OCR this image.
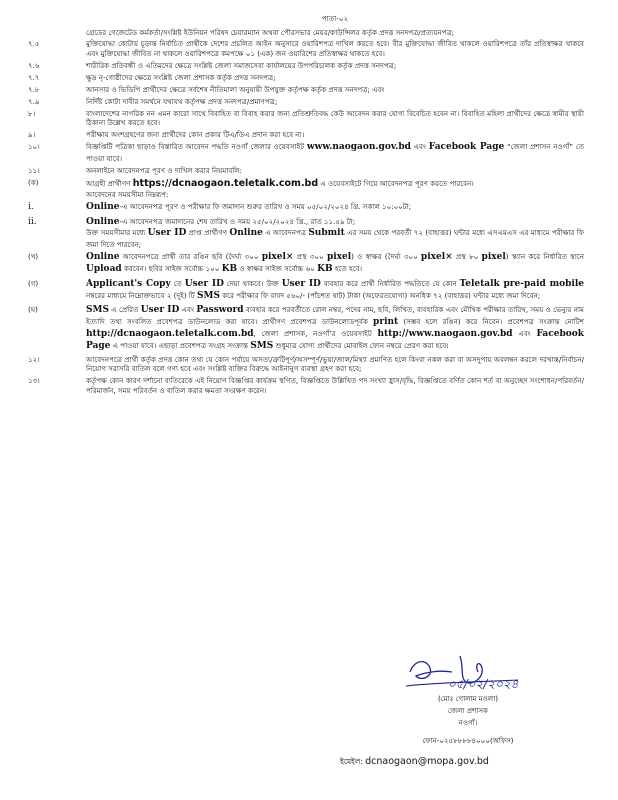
পাতা-০২
গ্রেডের গেজেটেড কর্মকর্তা/সংশ্লিষ্ট ইউনিয়ন পরিষদ চেয়ারম্যান অথবা পৌরসভার মেয়র/কাউন্সিলর কর্তৃক প্রদত্ত সনদপত্র/প্রত্যয়নপত্র;
৭.৫	মুক্তিযোদ্ধা কোটায় চূড়ান্ত নির্বাচিত প্রার্থীকে দেশের প্রচলিত আইন অনুসারে ওয়ারিশপত্র দাখিল করতে হবে। বীর মুক্তিযোদ্ধা জীবিত থাকলে ওয়ারিশপত্রে তাঁর প্রতিস্বাক্ষর থাকবে এবং মুক্তিযোদ্ধা জীবিত না থাকলে ওয়ারিশপত্রে কমপক্ষে ০১ (এক) জন ওয়ারিশের প্রতিস্বাক্ষর থাকতে হবে।
৭.৬	শারীরিক প্রতিবন্ধী ও এতিমদের ক্ষেত্রে সংশ্লিষ্ট জেলা সমাজসেবা কার্যালয়ের উপপরিচালক কর্তৃক প্রদত্ত সনদপত্র;
৭.৭	ক্ষুদ্র নৃ-গোষ্ঠীদের ক্ষেত্রে সংশ্লিষ্ট জেলা প্রশাসক কর্তৃক প্রদত্ত সনদপত্র;
৭.৮	আনসার ও ভিডিপি প্রার্থীদের ক্ষেত্রে সর্বশেষ নীতিমালা অনুযায়ী উপযুক্ত কর্তৃপক্ষ কর্তৃক প্রদত্ত সনদপত্র; এবং
৭.৯	নির্দিষ্ট কোটা দাবীর সমর্থনে যথাযথ কর্তৃপক্ষ প্রদত্ত সনদপত্র/প্রমাণপত্র;
৮।	বাংলাদেশের নাগরিক নন এমন কারো সাথে বিবাহিত বা বিবাহ করার জন্য প্রতিশ্রুতিবদ্ধ কেউ আবেদন করার যোগ্য বিবেচিত হবেন না। বিবাহিত মহিলা প্রার্থীদের ক্ষেত্রে স্বামীর স্থায়ী ঠিকানা উল্লেখ করতে হবে।
৯।	পরীক্ষায় অংশগ্রহণের জন্য প্রার্থীদের কোন প্রকার টিএ/ডিএ প্রদান করা হবে না।
১০।	বিজ্ঞপ্তিটি পত্রিকা ছাড়াও বিস্তারিত আবেদন পদ্ধতি নওগাঁ জেলার ওয়েবসাইট www.naogaon.gov.bd এবং Facebook Page “জেলা প্রশাসন নওগাঁ” তে পাওয়া যাবে।
১১।	অনলাইনে আবেদনপত্র পূরণ ও দাখিল করার নিয়মাবলি:
(ক)	আগ্রহী প্রার্থীগণ https://dcnaogaon.teletalk.com.bd এ ওয়েবসাইটে গিয়ে আবেদনপত্র পূরণ করতে পারবেন।
আবেদনের সময়সীমা নিম্নরূপ:
i.	Online-এ আবেদনপত্র পূরণ ও পরীক্ষার ফি জমাদান শুরুর তারিখ ও সময় ০৫/০২/২০২৪ খ্রি. সকাল ১০:০০টা;
ii.	Online-এ আবেদনপত্র জমাদানের শেষ তারিখ ও সময় ২৫/০২/২০২৪ খ্রি., রাত ১১.৫৯ টা;
উক্ত সময়সীমার মধ্যে User ID প্রাপ্ত প্রার্থীগণ Online এ আবেদনপত্র Submit এর সময় থেকে পরবর্তী ৭২ (বাহাত্তর) ঘন্টার মধ্যে এসএমএস এর মাধ্যমে পরীক্ষার ফি জমা দিতে পারবেন;
(খ)	Online আবেদনপত্রে প্রার্থী তার রঙিন ছবি (দৈর্ঘ্য ৩০০ pixel× প্রস্থ ৩০০ pixel) ও স্বাক্ষর (দৈর্ঘ্য ৩০০ pixel× প্রস্থ ৮০ pixel) স্ক্যান করে নির্ধারিত স্থানে Upload করবেন। ছবির সাইজ সর্বোচ্চ ১০০ KB ও স্বাক্ষর সাইজ সর্বোচ্চ ৬০ KB হতে হবে।
(গ)	Applicant's Copy তে User ID দেয়া থাকবে। উক্ত User ID ব্যবহার করে প্রার্থী নির্ধারিত পদ্ধতিতে যে কোন Teletalk pre-paid mobile নম্বরের মাধ্যমে নিম্নোক্তভাবে ২ (দুই) টি SMS করে পরীক্ষার ফি বাবদ ৫৬০/- (পাঁচশত ষাট) টাকা (অফেরতযোগ্য) অনধিক ৭২ (বাহাত্তর) ঘন্টার মধ্যে জমা দিবেন;
(ঘ)	SMS এ প্রেরিত User ID এবং Password ব্যবহার করে পরবর্তীতে রোল নম্বর, পদের নাম, ছবি, লিখিত, ব্যবহারিক এবং মৌখিক পরীক্ষার তারিখ, সময় ও ভেন্যুর নাম ইত্যাদি তথ্য সংবলিত প্রবেশপত্র ডাউনলোড করা যাবে। প্রার্থীগণ প্রবেশপত্র ডাউনলোডপূর্বক print (সম্ভব হলে রঙিন) করে নিবেন। প্রবেশপত্র সংক্রান্ত নোটিশ http://dcnaogaon.teletalk.com.bd, জেলা প্রশাসক, নওগাঁ’র ওয়েবসাইট http://www.naogaon.gov.bd এবং Facebook Page এ পাওয়া যাবে। এছাড়া প্রবেশপত্র সংগ্রহ সংক্রান্ত SMS শুধুমাত্র যোগ্য প্রার্থীদের মোবাইল ফোন নম্বরে প্রেরণ করা হবে।
১২।	আবেদনপত্রে প্রার্থী কর্তৃক প্রদত্ত কোন তথ্য যে কোন পর্যায়ে অসত্য/ত্রুটিপূর্ণ/অসম্পূর্ণ/ভুয়া/জাল/মিথ্যা প্রমাণিত হলে কিংবা নকল করা বা অসদুপায় অবলম্বন করলে দরখাস্ত/নির্বাচন/নিয়োগ সরাসরি বাতিল বলে গণ্য হবে এবং সংশ্লিষ্ট ব্যক্তির বিরুদ্ধে আইনানুগ ব্যবস্থা গ্রহণ করা হবে;
১৩।	কর্তৃপক্ষ কোন কারণ দর্শানো ব্যতিরেকে এই নিয়োগ বিজ্ঞপ্তির কার্যক্রম স্থগিত, বিজ্ঞপ্তিতে উল্লিখিত পদ সংখ্যা হ্রাস/বৃদ্ধি, বিজ্ঞপ্তিতে বর্ণিত কোন শর্ত বা অনুচ্ছেদ সংশোধন/পরিবর্তন/পরিমার্জন, সময় পরিবর্তন ও বাতিল করার ক্ষমতা সংরক্ষণ করেন।
০৫/০২/২০২৪
(মোঃ গোলাম মওলা)
জেলা প্রশাসক
নওগাঁ।
ফোন-০২৫৮৮৮৮৪০০০(অফিস)
ইমেইল: dcnaogaon@mopa.gov.bd
